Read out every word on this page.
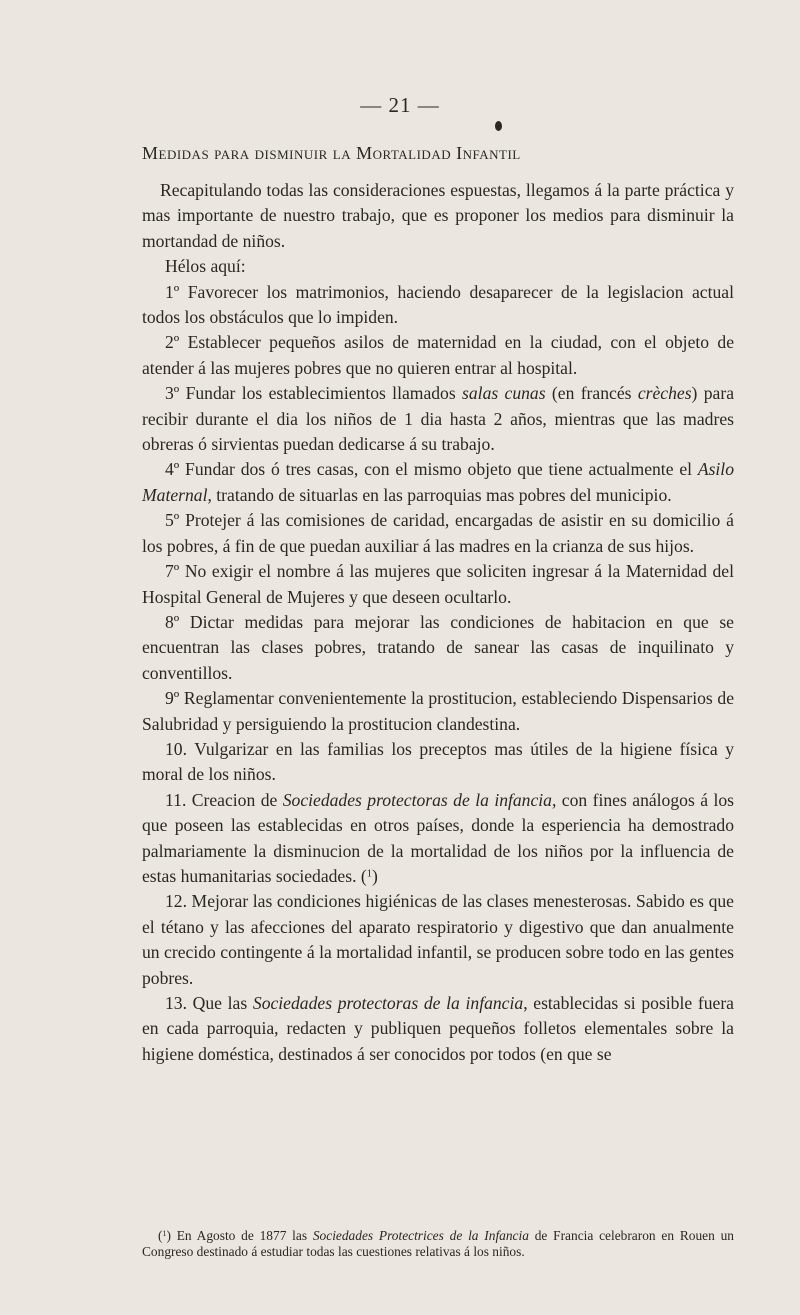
— 21 —
Medidas para disminuir la Mortalidad Infantil

Recapitulando todas las consideraciones espuestas, llegamos á la parte práctica y mas importante de nuestro trabajo, que es proponer los medios para disminuir la mortandad de niños.

Hélos aquí:

1º Favorecer los matrimonios, haciendo desaparecer de la legislacion actual todos los obstáculos que lo impiden.

2º Establecer pequeños asilos de maternidad en la ciudad, con el objeto de atender á las mujeres pobres que no quieren entrar al hospital.

3º Fundar los establecimientos llamados salas cunas (en francés crèches) para recibir durante el dia los niños de 1 dia hasta 2 años, mientras que las madres obreras ó sirvientas puedan dedicarse á su trabajo.

4º Fundar dos ó tres casas, con el mismo objeto que tiene actualmente el Asilo Maternal, tratando de situarlas en las parroquias mas pobres del municipio.

5º Protejer á las comisiones de caridad, encargadas de asistir en su domicilio á los pobres, á fin de que puedan auxiliar á las madres en la crianza de sus hijos.

7º No exigir el nombre á las mujeres que soliciten ingresar á la Maternidad del Hospital General de Mujeres y que deseen ocultarlo.

8º Dictar medidas para mejorar las condiciones de habitacion en que se encuentran las clases pobres, tratando de sanear las casas de inquilinato y conventillos.

9º Reglamentar convenientemente la prostitucion, estableciendo Dispensarios de Salubridad y persiguiendo la prostitucion clandestina.

10. Vulgarizar en las familias los preceptos mas útiles de la higiene física y moral de los niños.

11. Creacion de Sociedades protectoras de la infancia, con fines análogos á los que poseen las establecidas en otros países, donde la esperiencia ha demostrado palmariamente la disminucion de la mortalidad de los niños por la influencia de estas humanitarias sociedades. ($^1$)

12. Mejorar las condiciones higiénicas de las clases menesterosas. Sabido es que el tétano y las afecciones del aparato respiratorio y digestivo que dan anualmente un crecido contingente á la mortalidad infantil, se producen sobre todo en las gentes pobres.

13. Que las Sociedades protectoras de la infancia, establecidas si posible fuera en cada parroquia, redacten y publiquen pequeños folletos elementales sobre la higiene doméstica, destinados á ser conocidos por todos (en que se

($^1$) En Agosto de 1877 las Sociedades Protectrices de la Infancia de Francia celebraron en Rouen un Congreso destinado á estudiar todas las cuestiones relativas á los niños.
